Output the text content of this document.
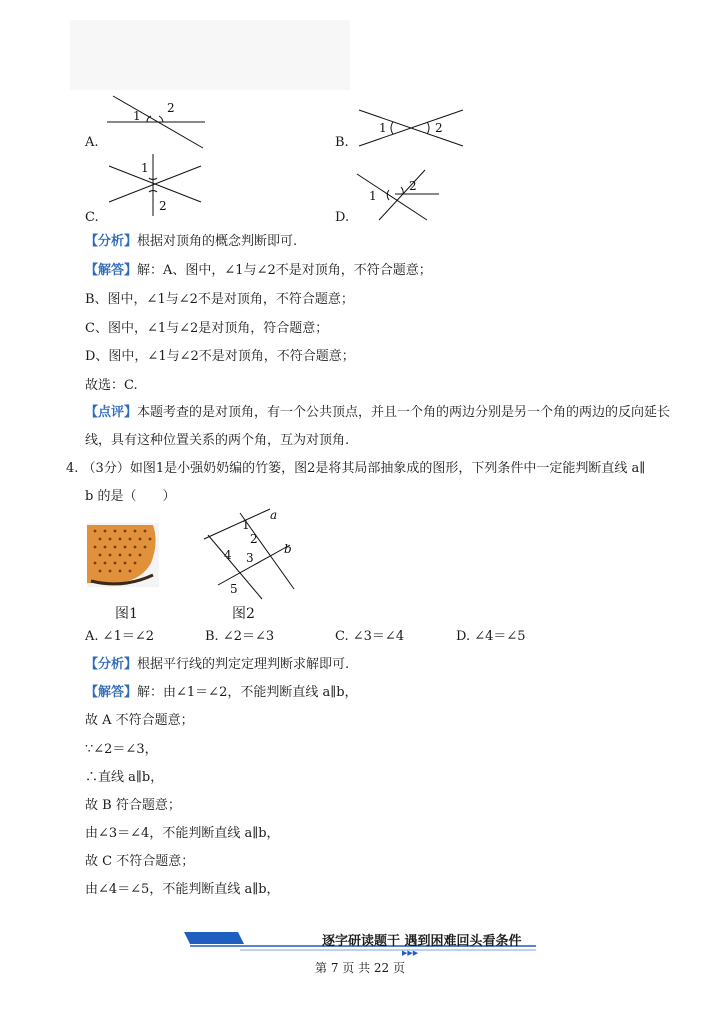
1
2
A.
1	2
B.
1
2
C.
1
2
D.
【分析】根据对顶角的概念判断即可.
【解答】解：A、图中，∠1与∠2不是对顶角，不符合题意；
B、图中，∠1与∠2不是对顶角，不符合题意；
C、图中，∠1与∠2是对顶角，符合题意；
D、图中，∠1与∠2不是对顶角，不符合题意；
故选：C.
【点评】本题考查的是对顶角，有一个公共顶点，并且一个角的两边分别是另一个角的两边的反向延长
线，具有这种位置关系的两个角，互为对顶角.
4. （3分）如图1是小强奶奶编的竹篓，图2是将其局部抽象成的图形，下列条件中一定能判断直线 a∥
b 的是（　　）
图1
a
b
1
2
3
4
5
图2
A. ∠1＝∠2	B. ∠2＝∠3	C. ∠3＝∠4	D. ∠4＝∠5
【分析】根据平行线的判定定理判断求解即可.
【解答】解：由∠1＝∠2，不能判断直线 a∥b，
故 A 不符合题意；
∵∠2＝∠3，
∴直线 a∥b，
故 B 符合题意；
由∠3＝∠4，不能判断直线 a∥b，
故 C 不符合题意；
由∠4＝∠5，不能判断直线 a∥b，
▶▶▶
逐字研读题干 遇到困难回头看条件
第 7 页 共 22 页
